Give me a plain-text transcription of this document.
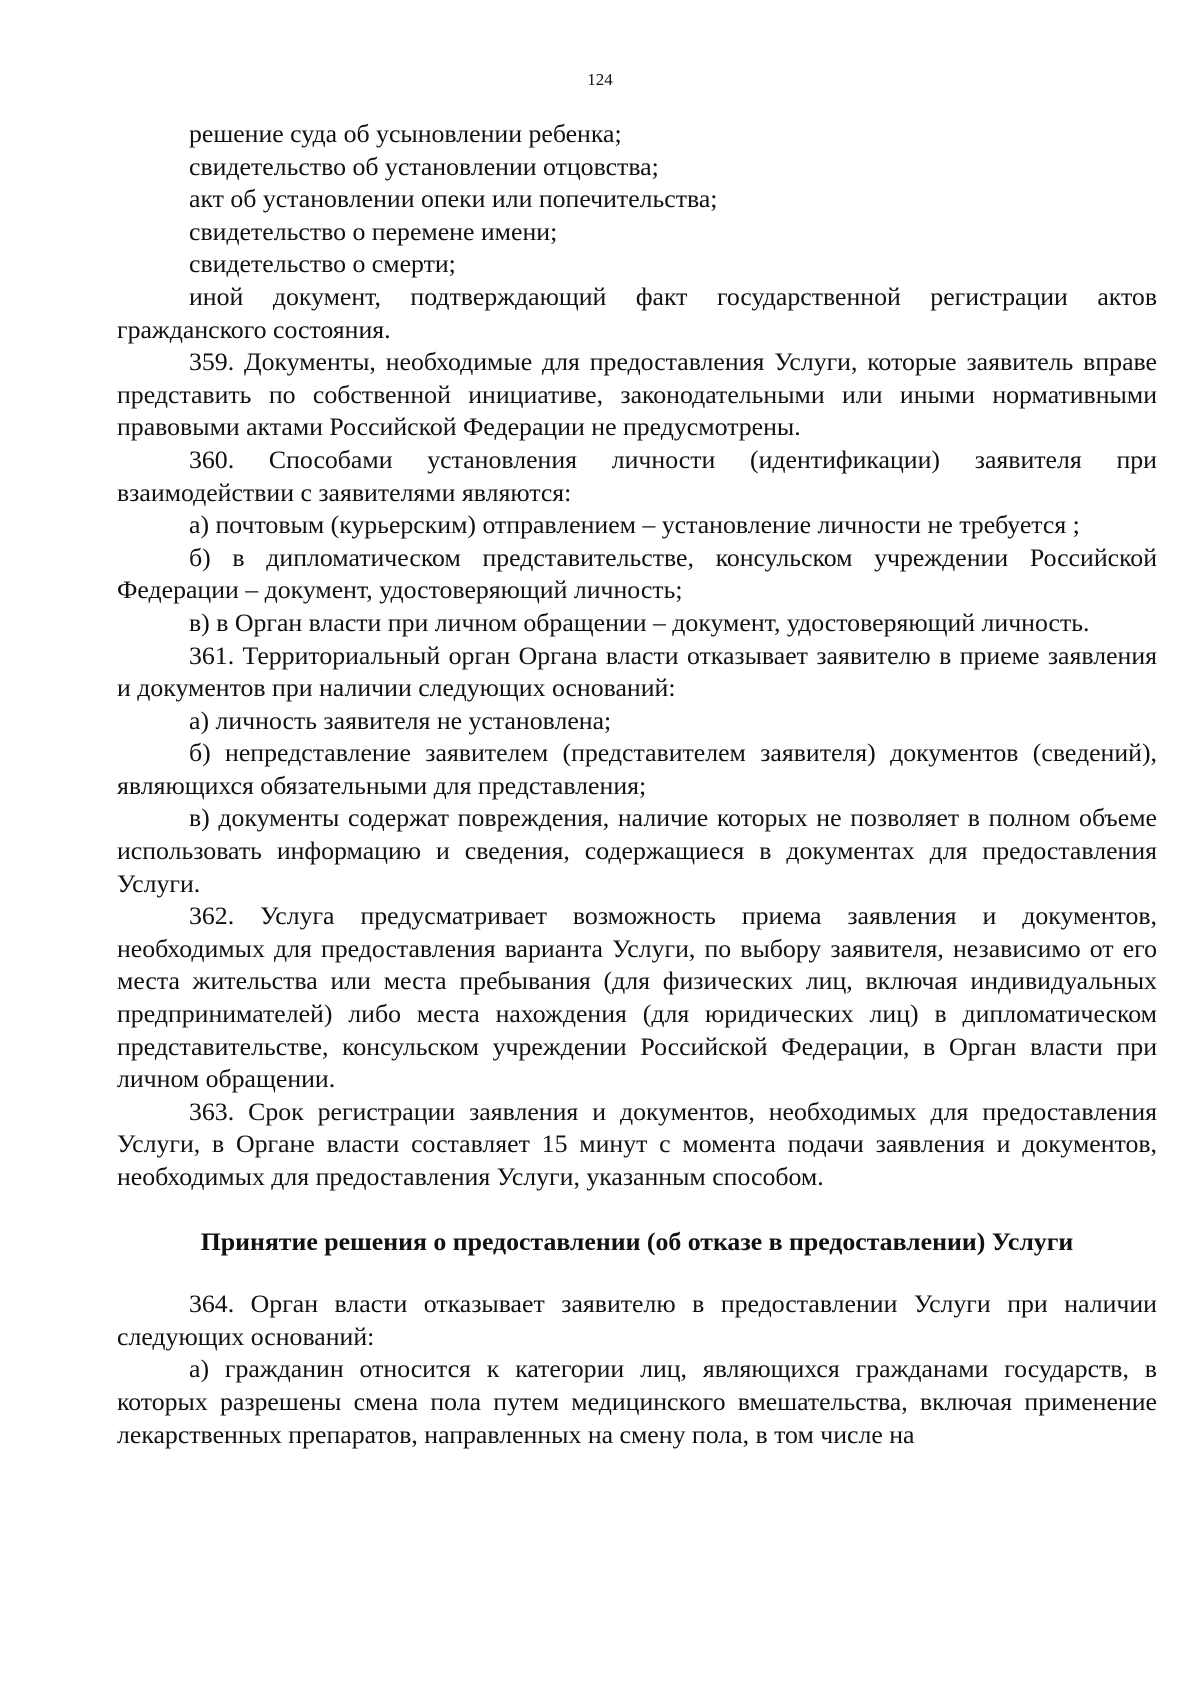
124

решение суда об усыновлении ребенка;

свидетельство об установлении отцовства;

акт об установлении опеки или попечительства;

свидетельство о перемене имени;

свидетельство о смерти;

иной документ, подтверждающий факт государственной регистрации актов гражданского состояния.

359. Документы, необходимые для предоставления Услуги, которые заявитель вправе представить по собственной инициативе, законодательными или иными нормативными правовыми актами Российской Федерации не предусмотрены.

360. Способами установления личности (идентификации) заявителя при взаимодействии с заявителями являются:

а) почтовым (курьерским) отправлением – установление личности не требуется ;

б) в дипломатическом представительстве, консульском учреждении Российской Федерации – документ, удостоверяющий личность;

в) в Орган власти при личном обращении – документ, удостоверяющий личность.

361. Территориальный орган Органа власти отказывает заявителю в приеме заявления и документов при наличии следующих оснований:

а) личность заявителя не установлена;

б) непредставление заявителем (представителем заявителя) документов (сведений), являющихся обязательными для представления;

в) документы содержат повреждения, наличие которых не позволяет в полном объеме использовать информацию и сведения, содержащиеся в документах для предоставления Услуги.

362. Услуга предусматривает возможность приема заявления и документов, необходимых для предоставления варианта Услуги, по выбору заявителя, независимо от его места жительства или места пребывания (для физических лиц, включая индивидуальных предпринимателей) либо места нахождения (для юридических лиц) в дипломатическом представительстве, консульском учреждении Российской Федерации, в Орган власти при личном обращении.

363. Срок регистрации заявления и документов, необходимых для предоставления Услуги, в Органе власти составляет 15 минут с момента подачи заявления и документов, необходимых для предоставления Услуги, указанным способом.

Принятие решения о предоставлении (об отказе в предоставлении) Услуги

364. Орган власти отказывает заявителю в предоставлении Услуги при наличии следующих оснований:

а) гражданин относится к категории лиц, являющихся гражданами государств, в которых разрешены смена пола путем медицинского вмешательства, включая применение лекарственных препаратов, направленных на смену пола, в том числе на
